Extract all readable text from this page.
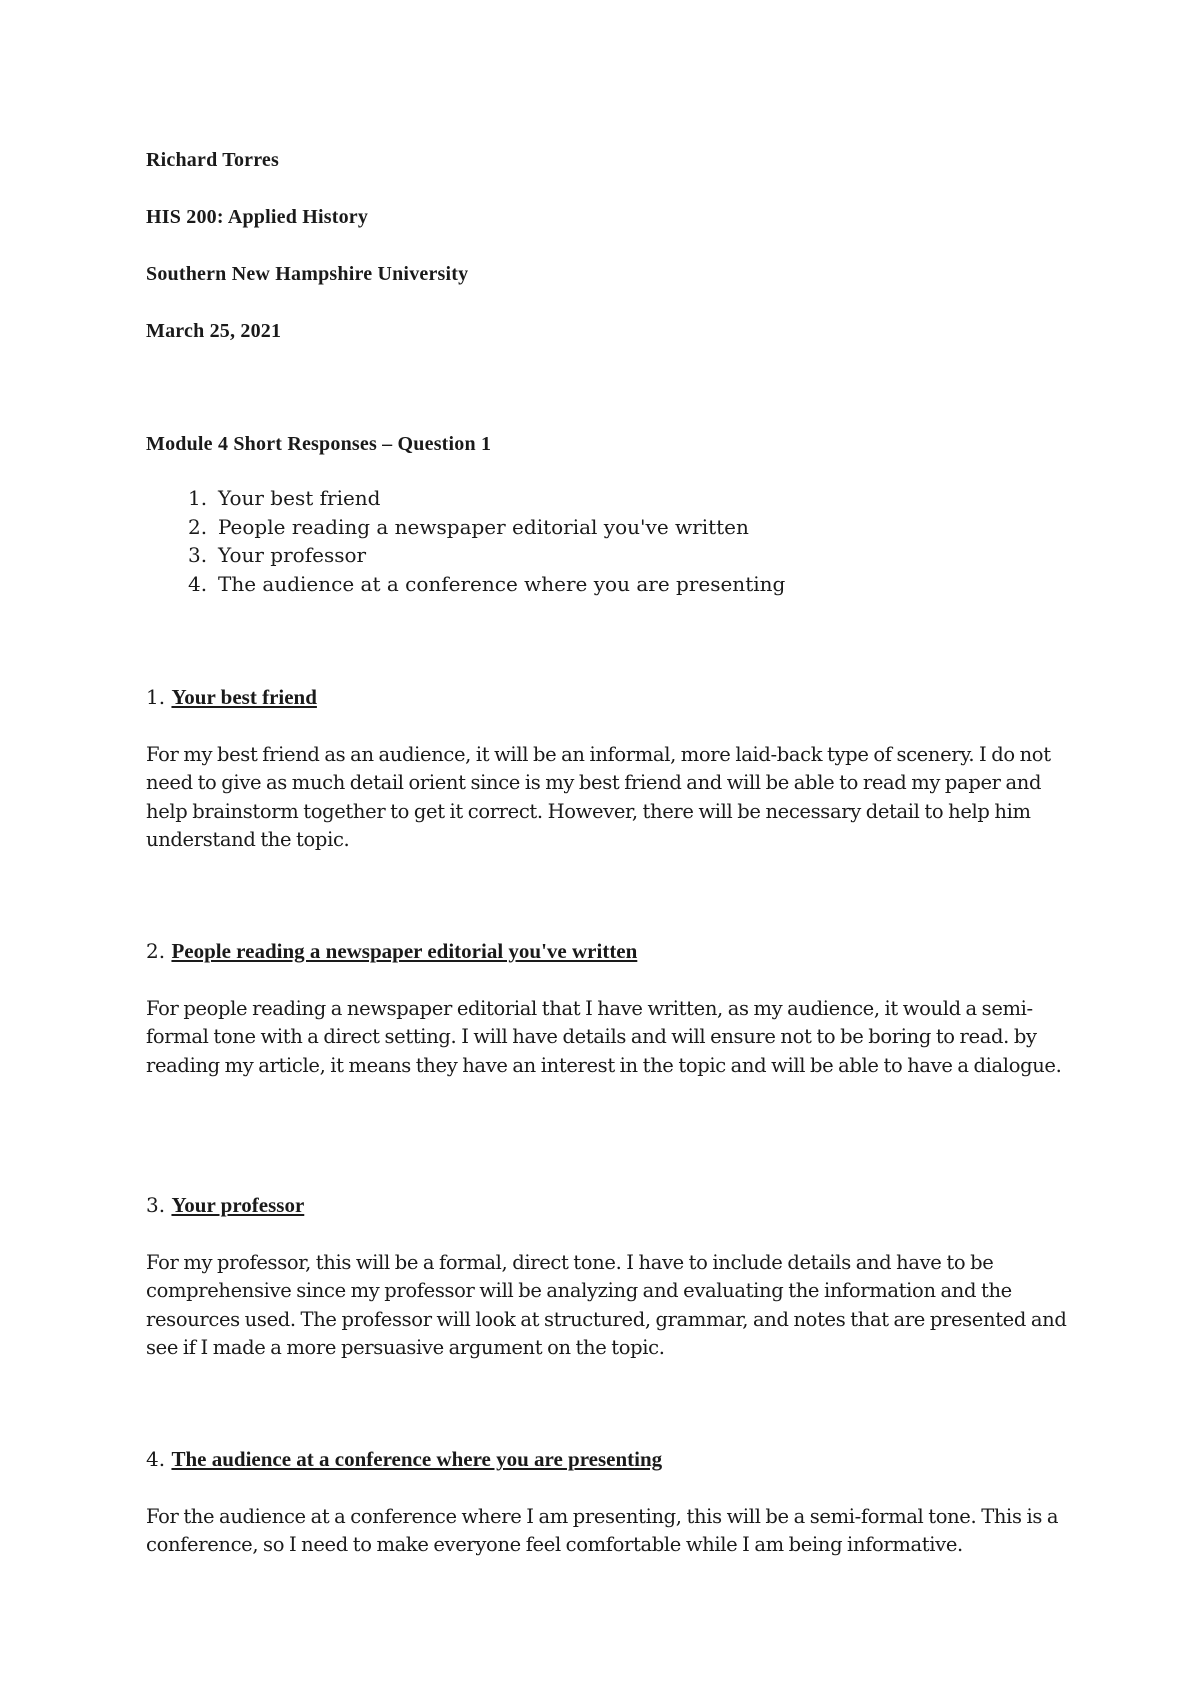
Richard Torres
HIS 200: Applied History
Southern New Hampshire University
March 25, 2021
Module 4 Short Responses – Question 1
1. Your best friend
2. People reading a newspaper editorial you've written
3. Your professor
4. The audience at a conference where you are presenting
1. Your best friend
For my best friend as an audience, it will be an informal, more laid-back type of scenery. I do not need to give as much detail orient since is my best friend and will be able to read my paper and help brainstorm together to get it correct. However, there will be necessary detail to help him understand the topic.
2. People reading a newspaper editorial you've written
For people reading a newspaper editorial that I have written, as my audience, it would a semi-formal tone with a direct setting. I will have details and will ensure not to be boring to read. by reading my article, it means they have an interest in the topic and will be able to have a dialogue.
3. Your professor
For my professor, this will be a formal, direct tone. I have to include details and have to be comprehensive since my professor will be analyzing and evaluating the information and the resources used. The professor will look at structured, grammar, and notes that are presented and see if I made a more persuasive argument on the topic.
4. The audience at a conference where you are presenting
For the audience at a conference where I am presenting, this will be a semi-formal tone. This is a conference, so I need to make everyone feel comfortable while I am being informative.
